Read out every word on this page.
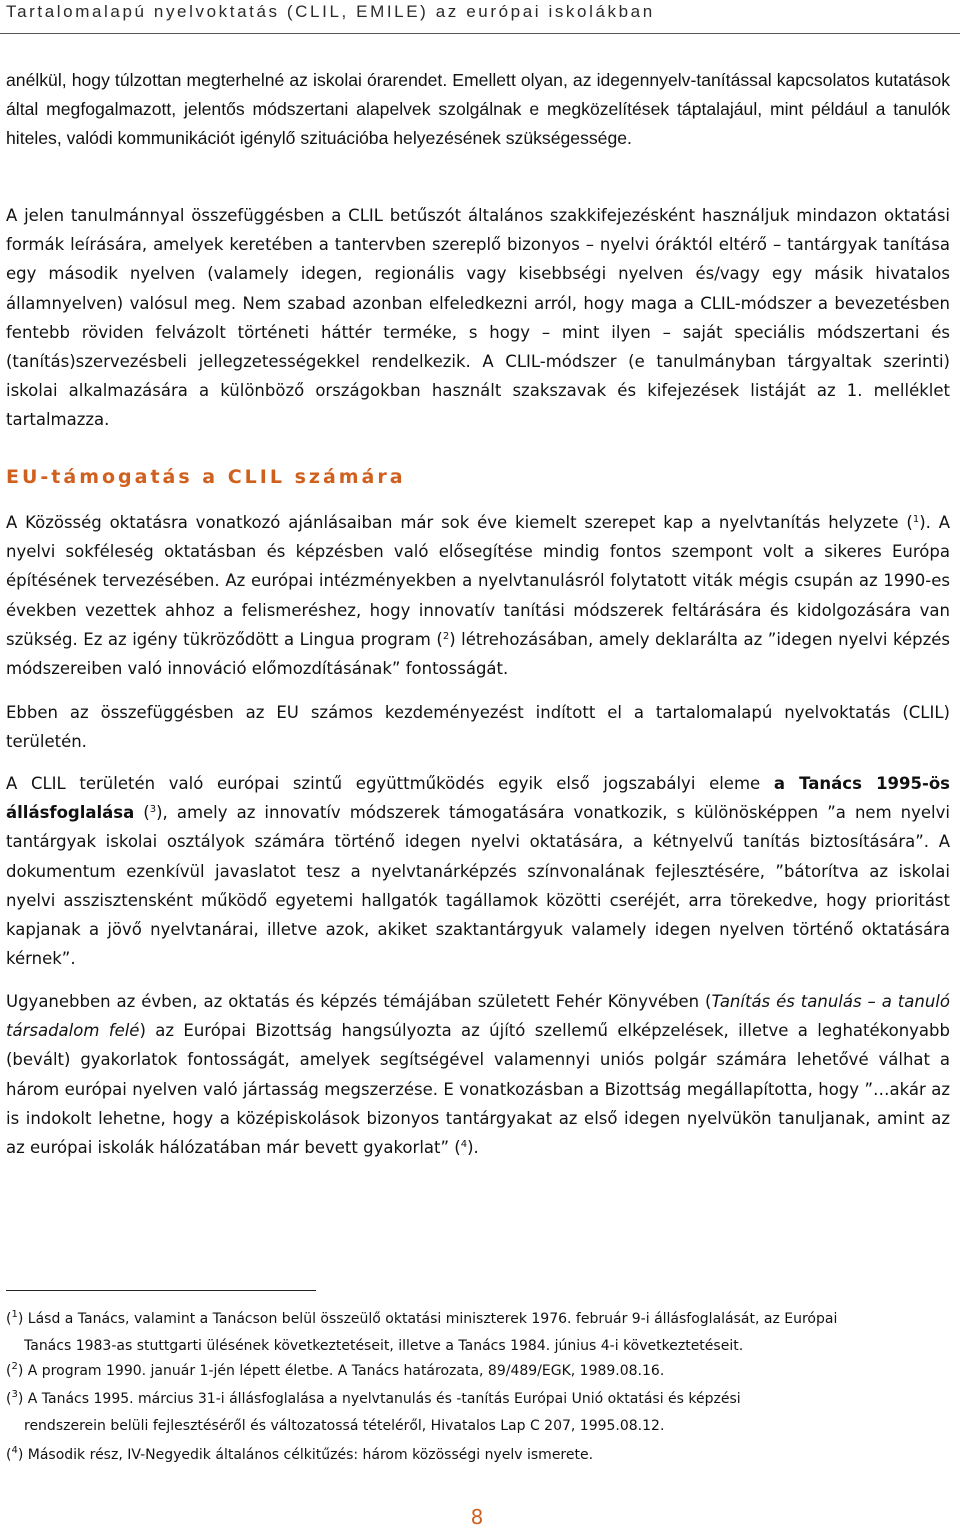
Tartalomalapú nyelvoktatás (CLIL, EMILE) az európai iskolákban

anélkül, hogy túlzottan megterhelné az iskolai órarendet. Emellett olyan, az idegennyelv-tanítással kapcsolatos kutatások által megfogalmazott, jelentős módszertani alapelvek szolgálnak e megközelítések táptalajául, mint például a tanulók hiteles, valódi kommunikációt igénylő szituációba helyezésének szükségessége.

A jelen tanulmánnyal összefüggésben a CLIL betűszót általános szakkifejezésként használjuk mindazon oktatási formák leírására, amelyek keretében a tantervben szereplő bizonyos – nyelvi óráktól eltérő – tantárgyak tanítása egy második nyelven (valamely idegen, regionális vagy kisebbségi nyelven és/vagy egy másik hivatalos államnyelven) valósul meg. Nem szabad azonban elfeledkezni arról, hogy maga a CLIL-módszer a bevezetésben fentebb röviden felvázolt történeti háttér terméke, s hogy – mint ilyen – saját speciális módszertani és (tanítás)szervezésbeli jellegzetességekkel rendelkezik. A CLIL-módszer (e tanulmányban tárgyaltak szerinti) iskolai alkalmazására a különböző országokban használt szakszavak és kifejezések listáját az 1. melléklet tartalmazza.

EU-támogatás a CLIL számára

A Közösség oktatásra vonatkozó ajánlásaiban már sok éve kiemelt szerepet kap a nyelvtanítás helyzete ($^1$). A nyelvi sokféleség oktatásban és képzésben való elősegítése mindig fontos szempont volt a sikeres Európa építésének tervezésében. Az európai intézményekben a nyelvtanulásról folytatott viták mégis csupán az 1990-es években vezettek ahhoz a felismeréshez, hogy innovatív tanítási módszerek feltárására és kidolgozására van szükség. Ez az igény tükröződött a Lingua program ($^2$) létrehozásában, amely deklarálta az ”idegen nyelvi képzés módszereiben való innováció előmozdításának” fontosságát.

Ebben az összefüggésben az EU számos kezdeményezést indított el a tartalomalapú nyelvoktatás (CLIL) területén.

A CLIL területén való európai szintű együttműködés egyik első jogszabályi eleme a Tanács 1995-ös állásfoglalása ($^3$), amely az innovatív módszerek támogatására vonatkozik, s különösképpen ”a nem nyelvi tantárgyak iskolai osztályok számára történő idegen nyelvi oktatására, a kétnyelvű tanítás biztosítására”. A dokumentum ezenkívül javaslatot tesz a nyelvtanárképzés színvonalának fejlesztésére, ”bátorítva az iskolai nyelvi asszisztensként működő egyetemi hallgatók tagállamok közötti cseréjét, arra törekedve, hogy prioritást kapjanak a jövő nyelvtanárai, illetve azok, akiket szaktantárgyuk valamely idegen nyelven történő oktatására kérnek”.

Ugyanebben az évben, az oktatás és képzés témájában született Fehér Könyvében (Tanítás és tanulás – a tanuló társadalom felé) az Európai Bizottság hangsúlyozta az újító szellemű elképzelések, illetve a leghatékonyabb (bevált) gyakorlatok fontosságát, amelyek segítségével valamennyi uniós polgár számára lehetővé válhat a három európai nyelven való jártasság megszerzése. E vonatkozásban a Bizottság megállapította, hogy ”…akár az is indokolt lehetne, hogy a középiskolások bizonyos tantárgyakat az első idegen nyelvükön tanuljanak, amint az az európai iskolák hálózatában már bevett gyakorlat” ($^4$).

($^1$) Lásd a Tanács, valamint a Tanácson belül összeülő oktatási miniszterek 1976. február 9-i állásfoglalását, az Európai
Tanács 1983-as stuttgarti ülésének következtetéseit, illetve a Tanács 1984. június 4-i következtetéseit.

($^2$) A program 1990. január 1-jén lépett életbe. A Tanács határozata, 89/489/EGK, 1989.08.16.

($^3$) A Tanács 1995. március 31-i állásfoglalása a nyelvtanulás és -tanítás Európai Unió oktatási és képzési
rendszerein belüli fejlesztéséről és változatossá tételéről, Hivatalos Lap C 207, 1995.08.12.

($^4$) Második rész, IV-Negyedik általános célkitűzés: három közösségi nyelv ismerete.

8
